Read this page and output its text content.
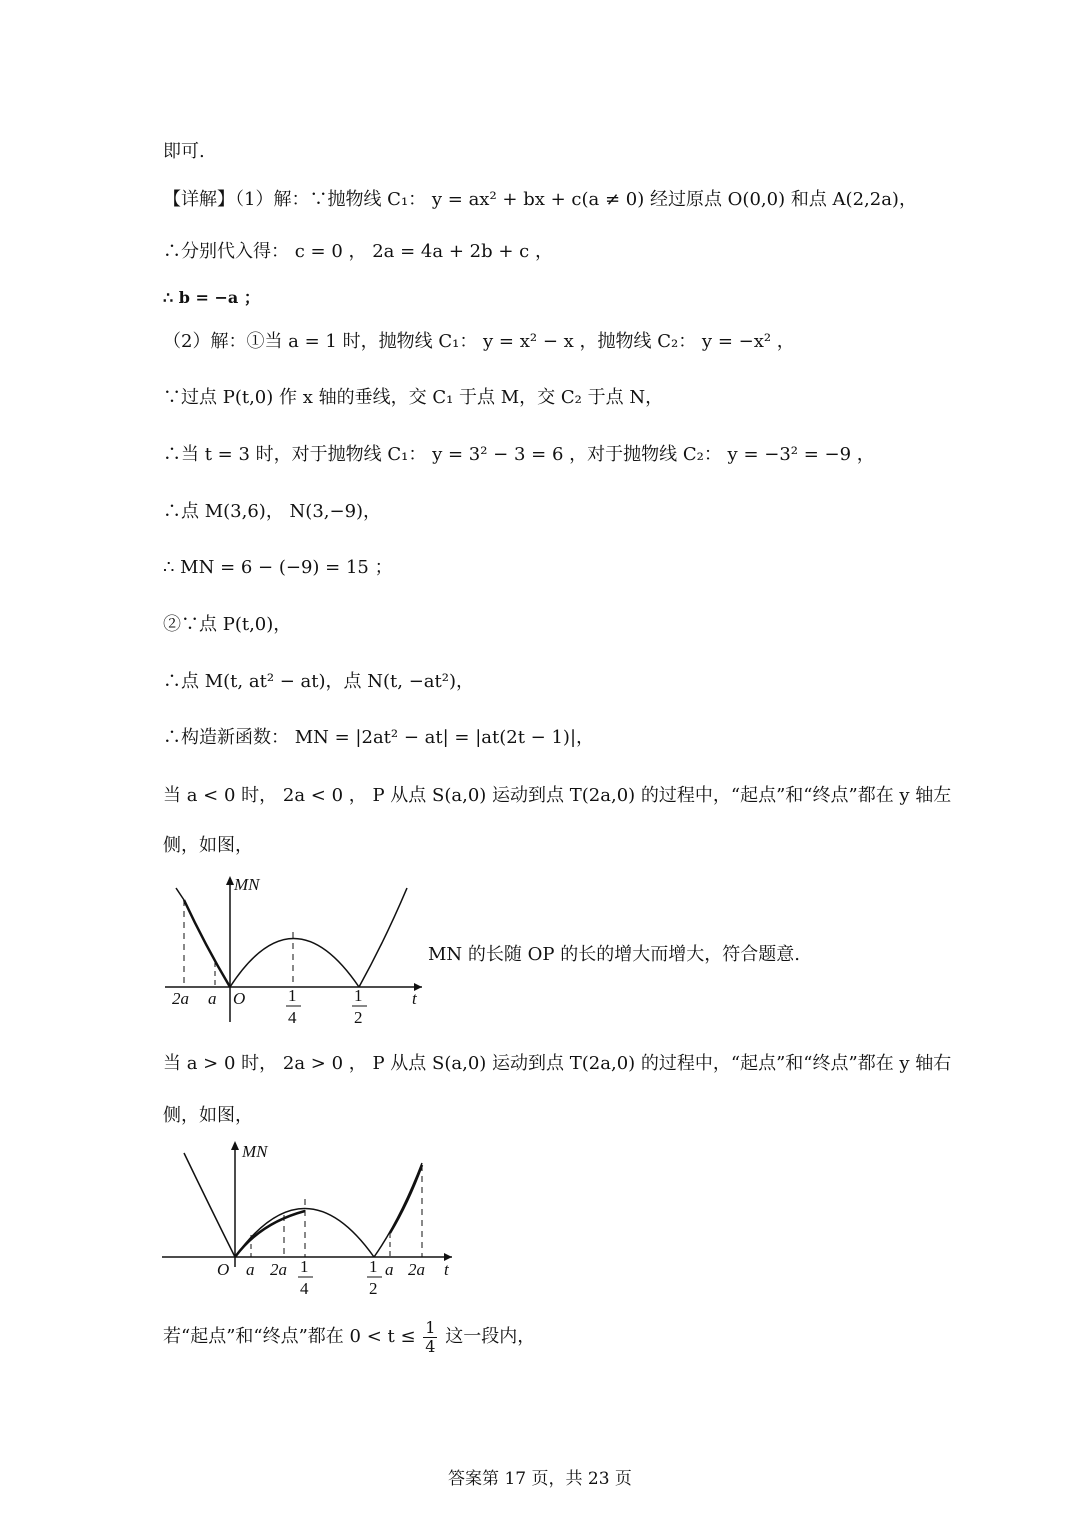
即可.
【详解】（1）解：∵抛物线 C₁： y = ax² + bx + c(a ≠ 0) 经过原点 O(0,0) 和点 A(2,2a)，
∴分别代入得： c = 0 ， 2a = 4a + 2b + c ，
∴ b = −a ；
（2）解：①当 a = 1 时，抛物线 C₁： y = x² − x ，抛物线 C₂： y = −x² ，
∵过点 P(t,0) 作 x 轴的垂线，交 C₁ 于点 M，交 C₂ 于点 N，
∴当 t = 3 时，对于抛物线 C₁： y = 3² − 3 = 6 ，对于抛物线 C₂： y = −3² = −9 ，
∴点 M(3,6)， N(3,−9)，
∴ MN = 6 − (−9) = 15 ；
②∵点 P(t,0)，
∴点 M(t, at² − at)，点 N(t, −at²)，
∴构造新函数： MN = |2at² − at| = |at(2t − 1)|，
当 a < 0 时， 2a < 0 ， P 从点 S(a,0) 运动到点 T(2a,0) 的过程中，“起点”和“终点”都在 y 轴左
侧，如图，
MN
t
O
2a a	1
4
1
2
MN 的长随 OP 的长的增大而增大，符合题意.
当 a > 0 时， 2a > 0 ， P 从点 S(a,0) 运动到点 T(2a,0) 的过程中，“起点”和“终点”都在 y 轴右
侧，如图，
MN
t
O a 2a 1
4
1
2
a 2a
若“起点”和“终点”都在 $0 < t \le \frac{1}{4}$ 这一段内，
答案第 17 页，共 23 页
